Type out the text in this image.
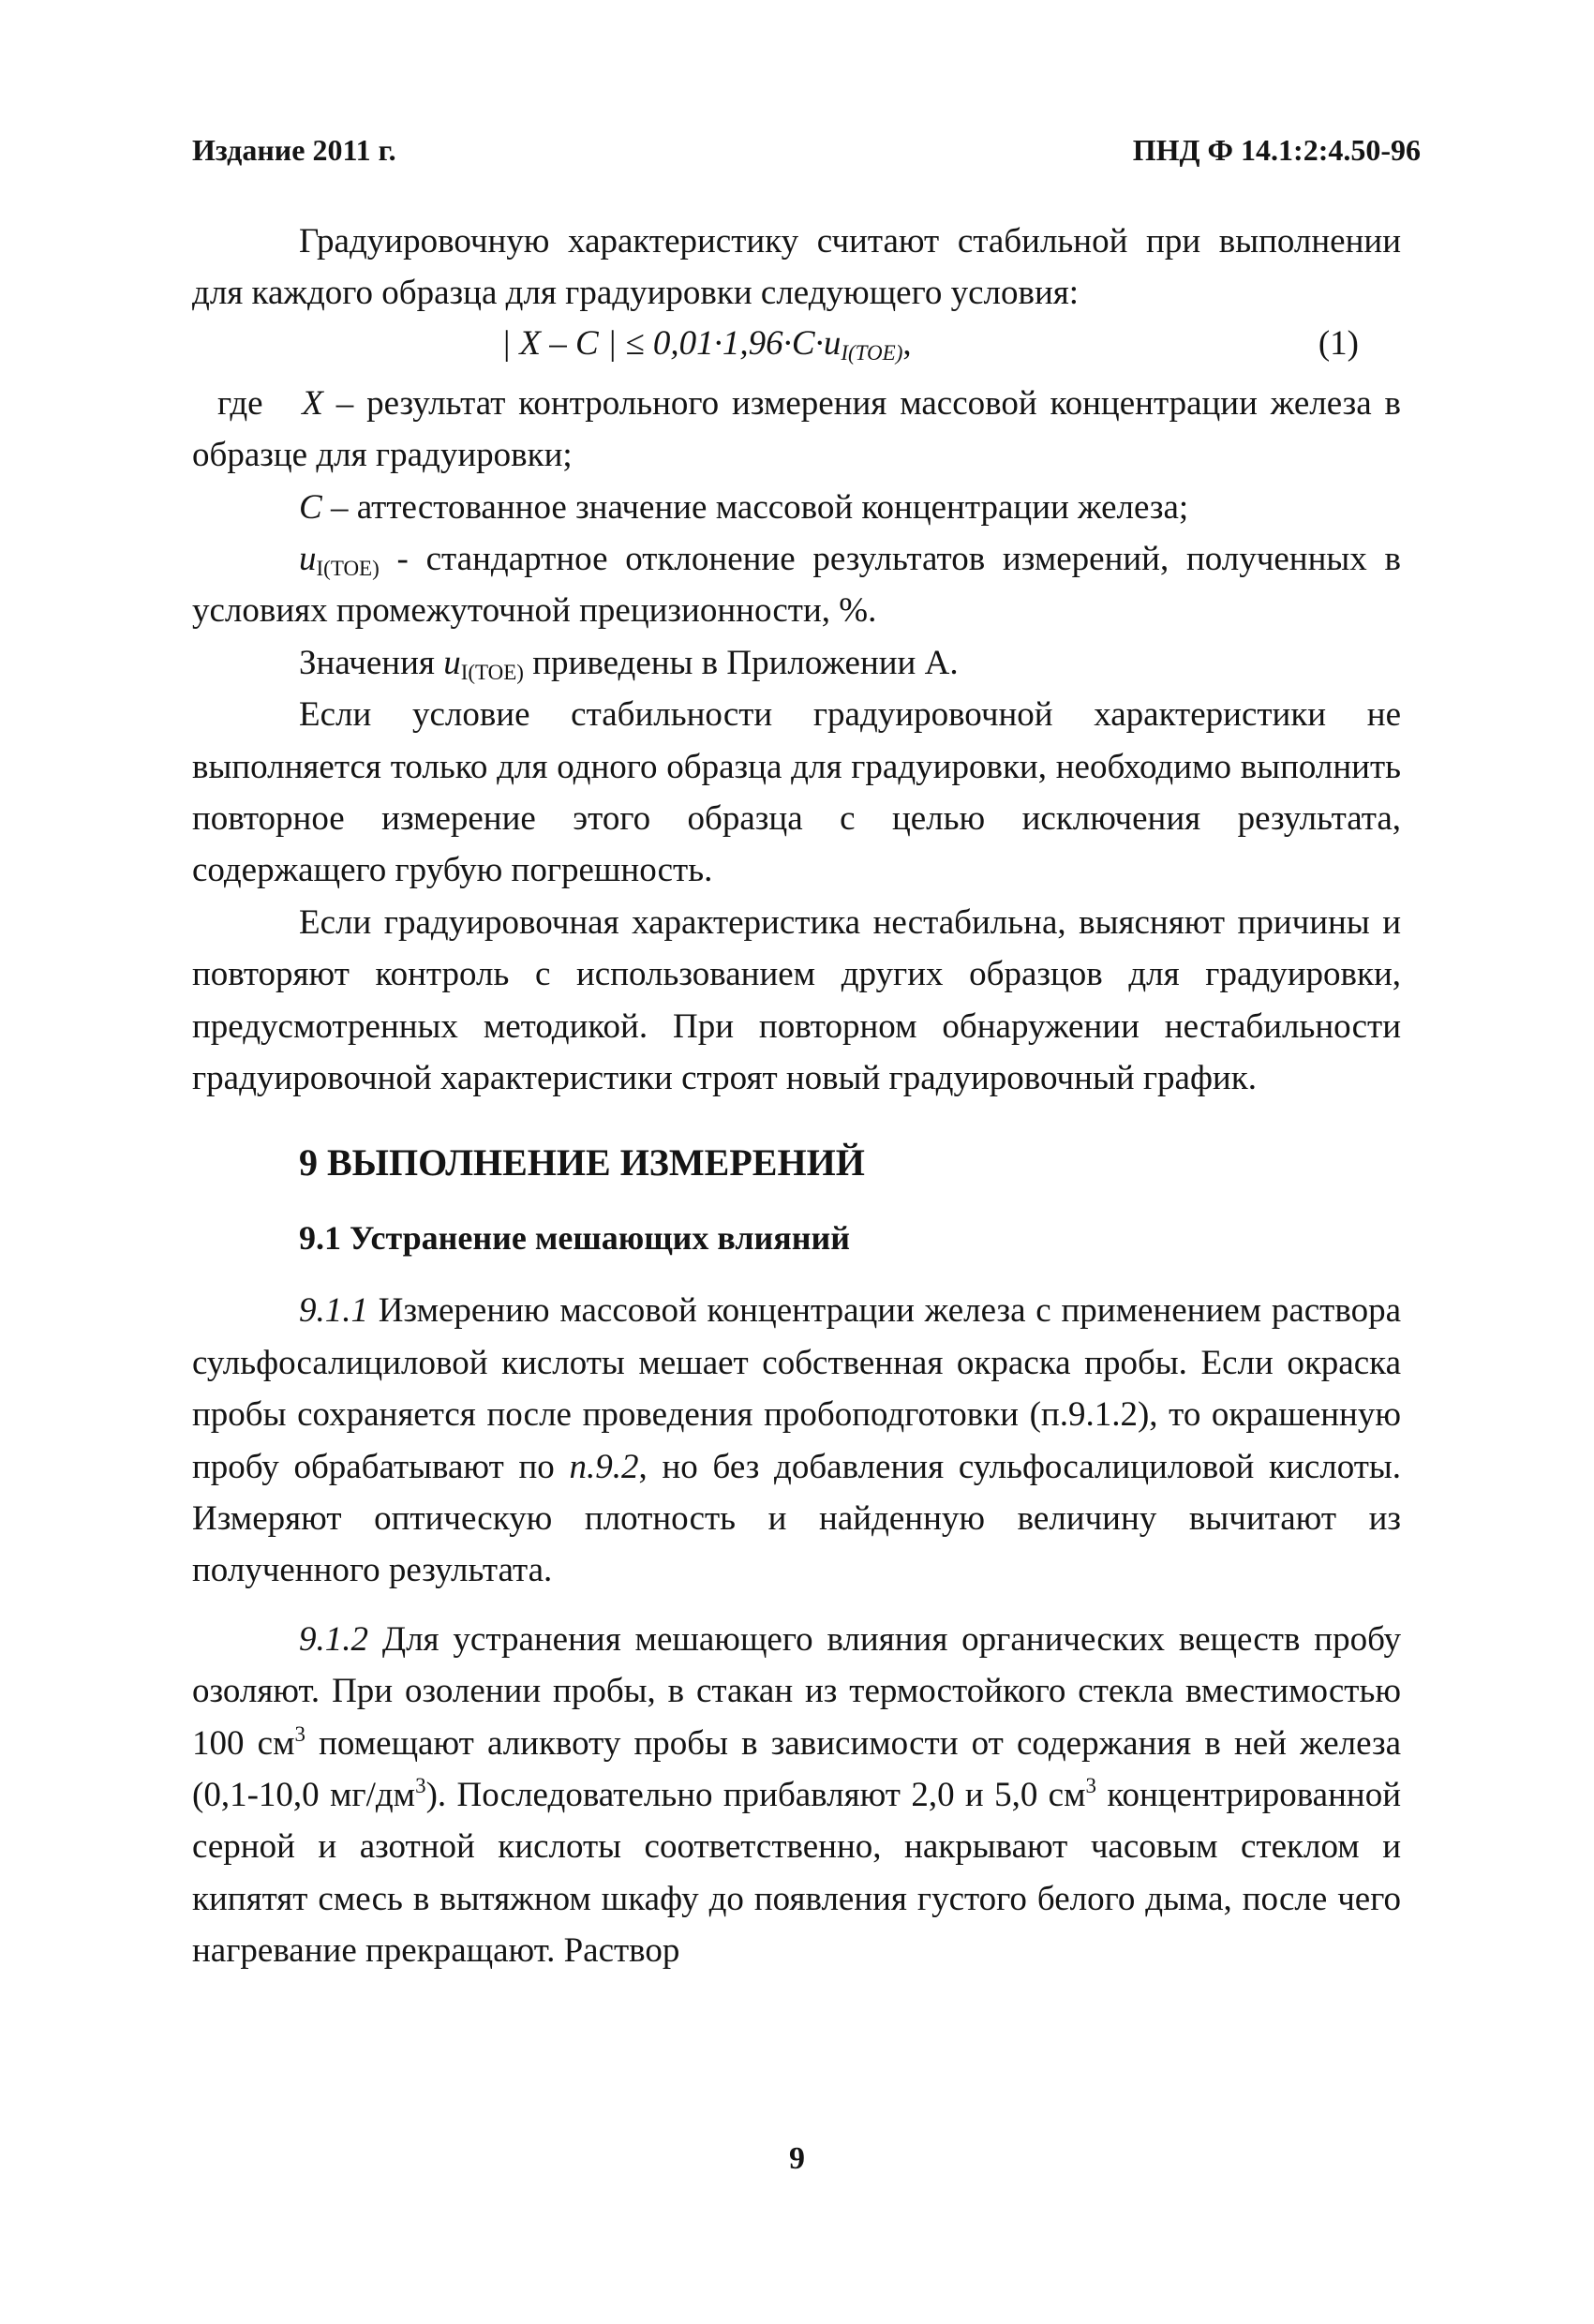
Издание 2011 г.	ПНД Ф 14.1:2:4.50-96

Градуировочную характеристику считают стабильной при выполнении для каждого образца для градуировки следующего условия:

| X – C | ≤ $0,01\cdot 1,96\cdot C\cdot u_{I(TOE)}$,	(1)

где X – результат контрольного измерения массовой концентрации железа в образце для градуировки;

C – аттестованное значение массовой концентрации железа;

$u_{I(TOE)}$ - стандартное отклонение результатов измерений, полученных в условиях промежуточной прецизионности, %.

Значения $u_{I(TOE)}$ приведены в Приложении А.

Если условие стабильности градуировочной характеристики не выполняется только для одного образца для градуировки, необходимо выполнить повторное измерение этого образца с целью исключения результата, содержащего грубую погрешность.

Если градуировочная характеристика нестабильна, выясняют причины и повторяют контроль с использованием других образцов для градуировки, предусмотренных методикой. При повторном обнаружении нестабильности градуировочной характеристики строят новый градуировочный график.

9 ВЫПОЛНЕНИЕ ИЗМЕРЕНИЙ

9.1 Устранение мешающих влияний

9.1.1 Измерению массовой концентрации железа с применением раствора сульфосалициловой кислоты мешает собственная окраска пробы. Если окраска пробы сохраняется после проведения пробоподготовки (п.9.1.2), то окрашенную пробу обрабатывают по п.9.2, но без добавления сульфосалициловой кислоты. Измеряют оптическую плотность и найденную величину вычитают из полученного результата.

9.1.2 Для устранения мешающего влияния органических веществ пробу озоляют. При озолении пробы, в стакан из термостойкого стекла вместимостью 100 $см^3$ помещают аликвоту пробы в зависимости от содержания в ней железа (0,1-10,0 $мг/дм^3$). Последовательно прибавляют 2,0 и 5,0 $см^3$ концентрированной серной и азотной кислоты соответственно, накрывают часовым стеклом и кипятят смесь в вытяжном шкафу до появления густого белого дыма, после чего нагревание прекращают. Раствор

9
